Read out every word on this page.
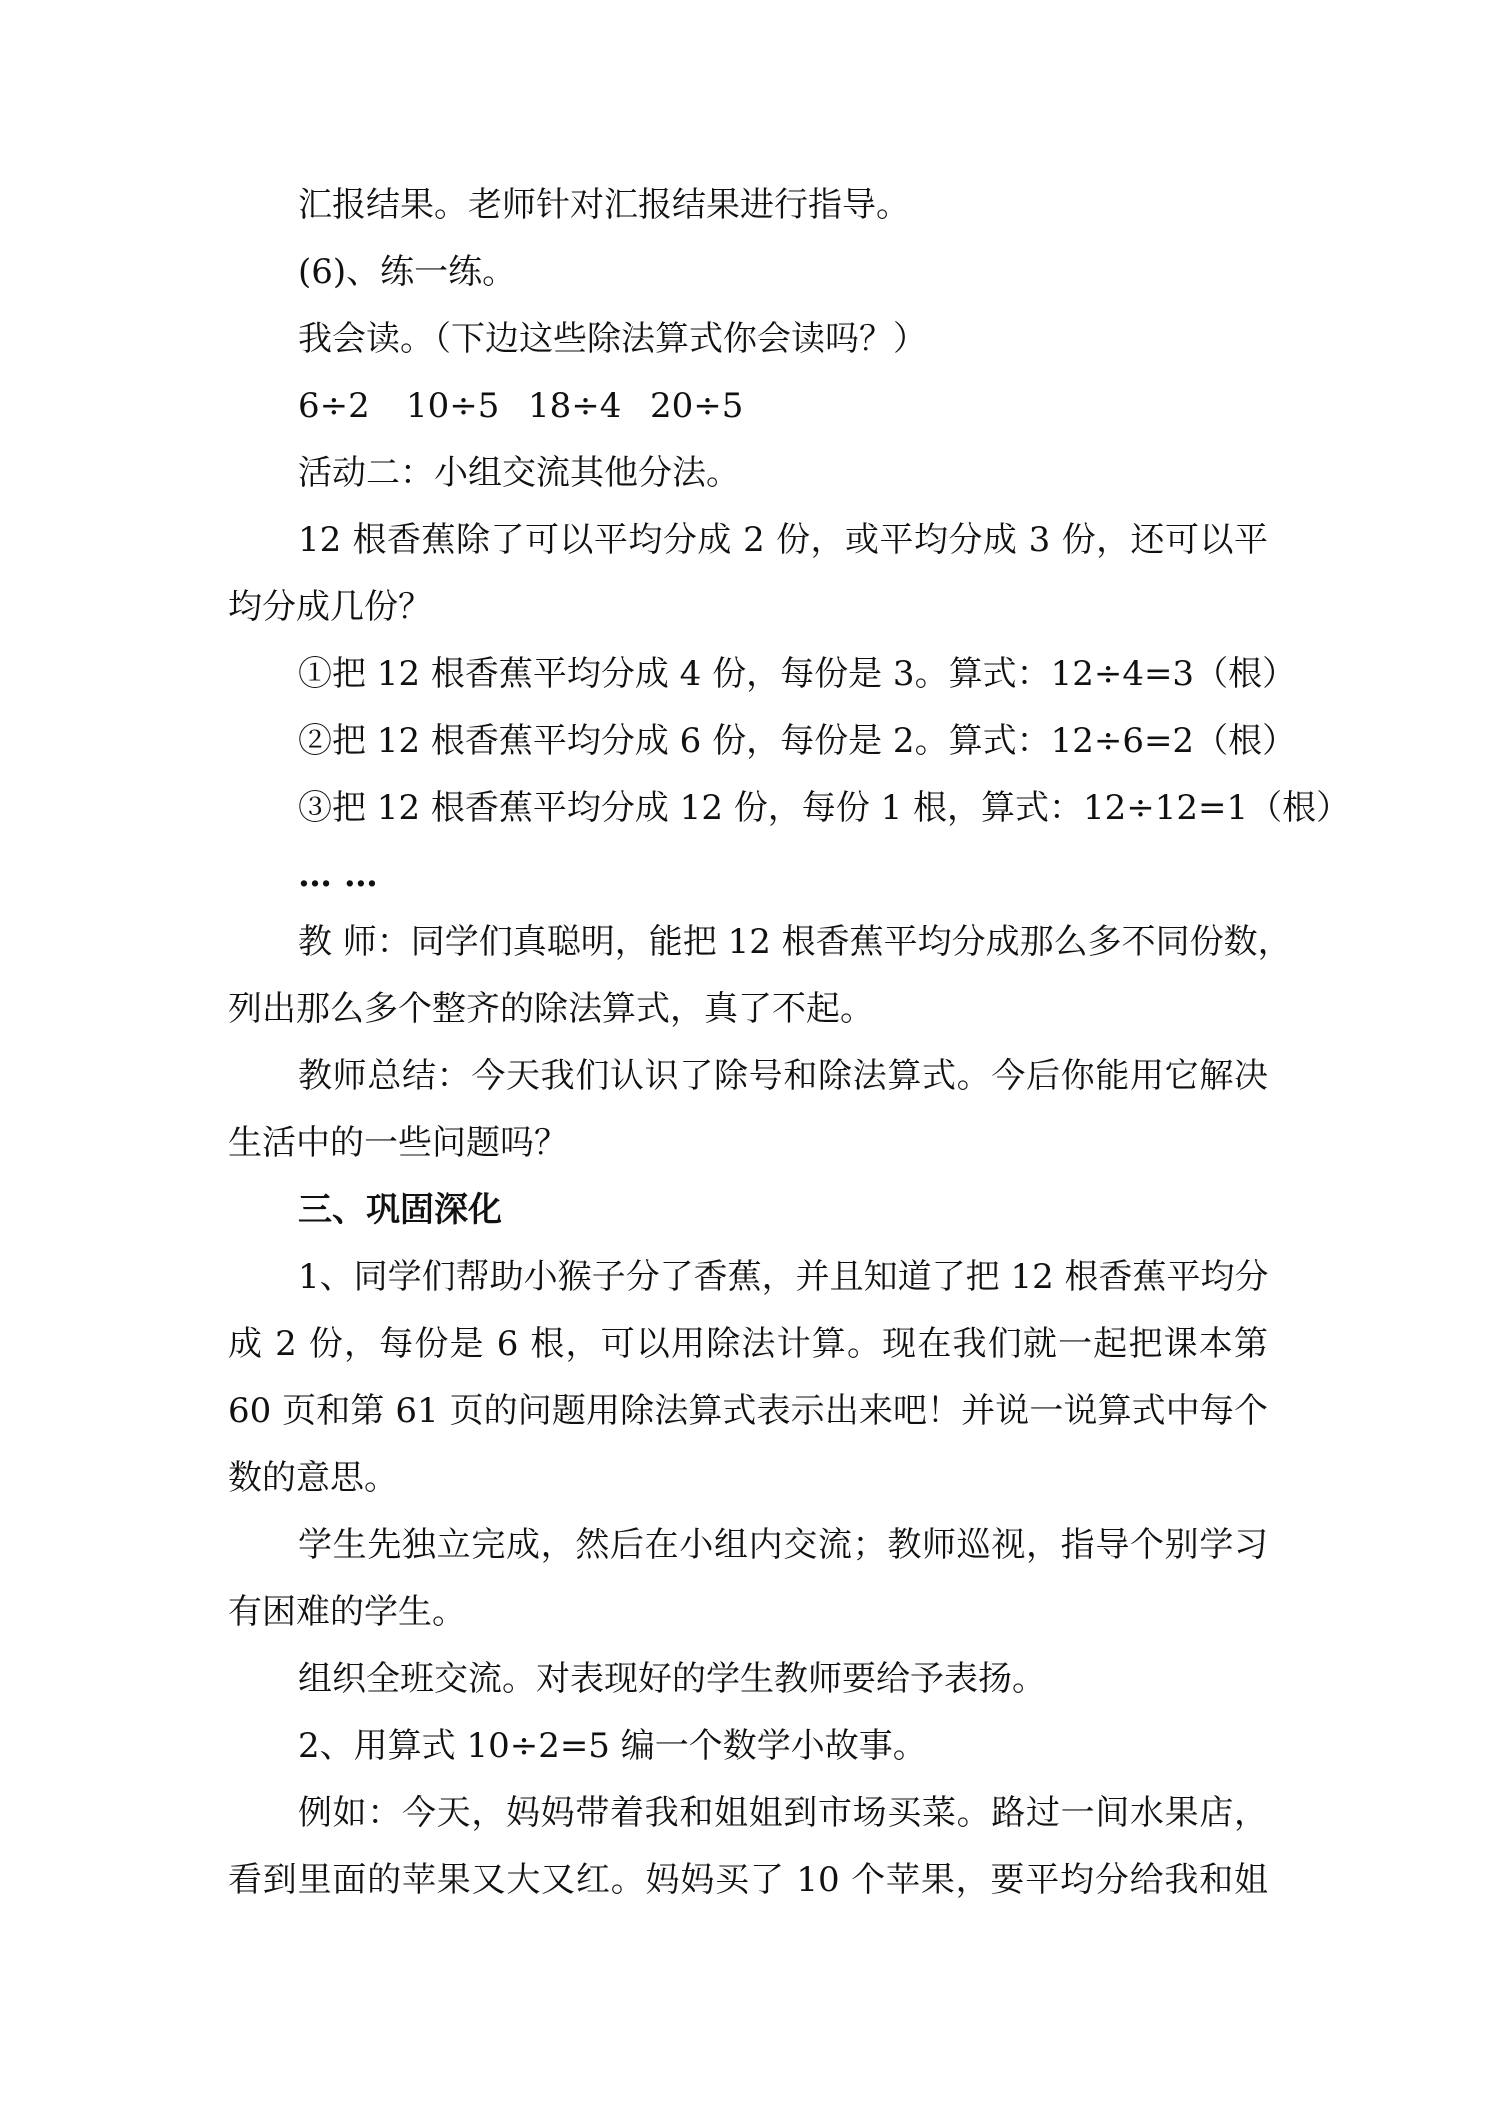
汇报结果。老师针对汇报结果进行指导。
(6)、练一练。
我会读。（下边这些除法算式你会读吗？）
6÷2 10÷5 18÷4 20÷5
活动二：小组交流其他分法。
12 根香蕉除了可以平均分成 2 份，或平均分成 3 份，还可以平
均分成几份？
①把 12 根香蕉平均分成 4 份，每份是 3。算式：12÷4=3（根）
②把 12 根香蕉平均分成 6 份，每份是 2。算式：12÷6=2（根）
③把 12 根香蕉平均分成 12 份，每份 1 根，算式：12÷12=1（根）
… …
教 师：同学们真聪明，能把 12 根香蕉平均分成那么多不同份数，
列出那么多个整齐的除法算式，真了不起。
教师总结：今天我们认识了除号和除法算式。今后你能用它解决
生活中的一些问题吗？
三、巩固深化
1、同学们帮助小猴子分了香蕉，并且知道了把 12 根香蕉平均分
成 2 份，每份是 6 根，可以用除法计算。现在我们就一起把课本第
60 页和第 61 页的问题用除法算式表示出来吧！并说一说算式中每个
数的意思。
学生先独立完成，然后在小组内交流；教师巡视，指导个别学习
有困难的学生。
组织全班交流。对表现好的学生教师要给予表扬。
2、用算式 10÷2=5 编一个数学小故事。
例如：今天，妈妈带着我和姐姐到市场买菜。路过一间水果店，
看到里面的苹果又大又红。妈妈买了 10 个苹果，要平均分给我和姐
